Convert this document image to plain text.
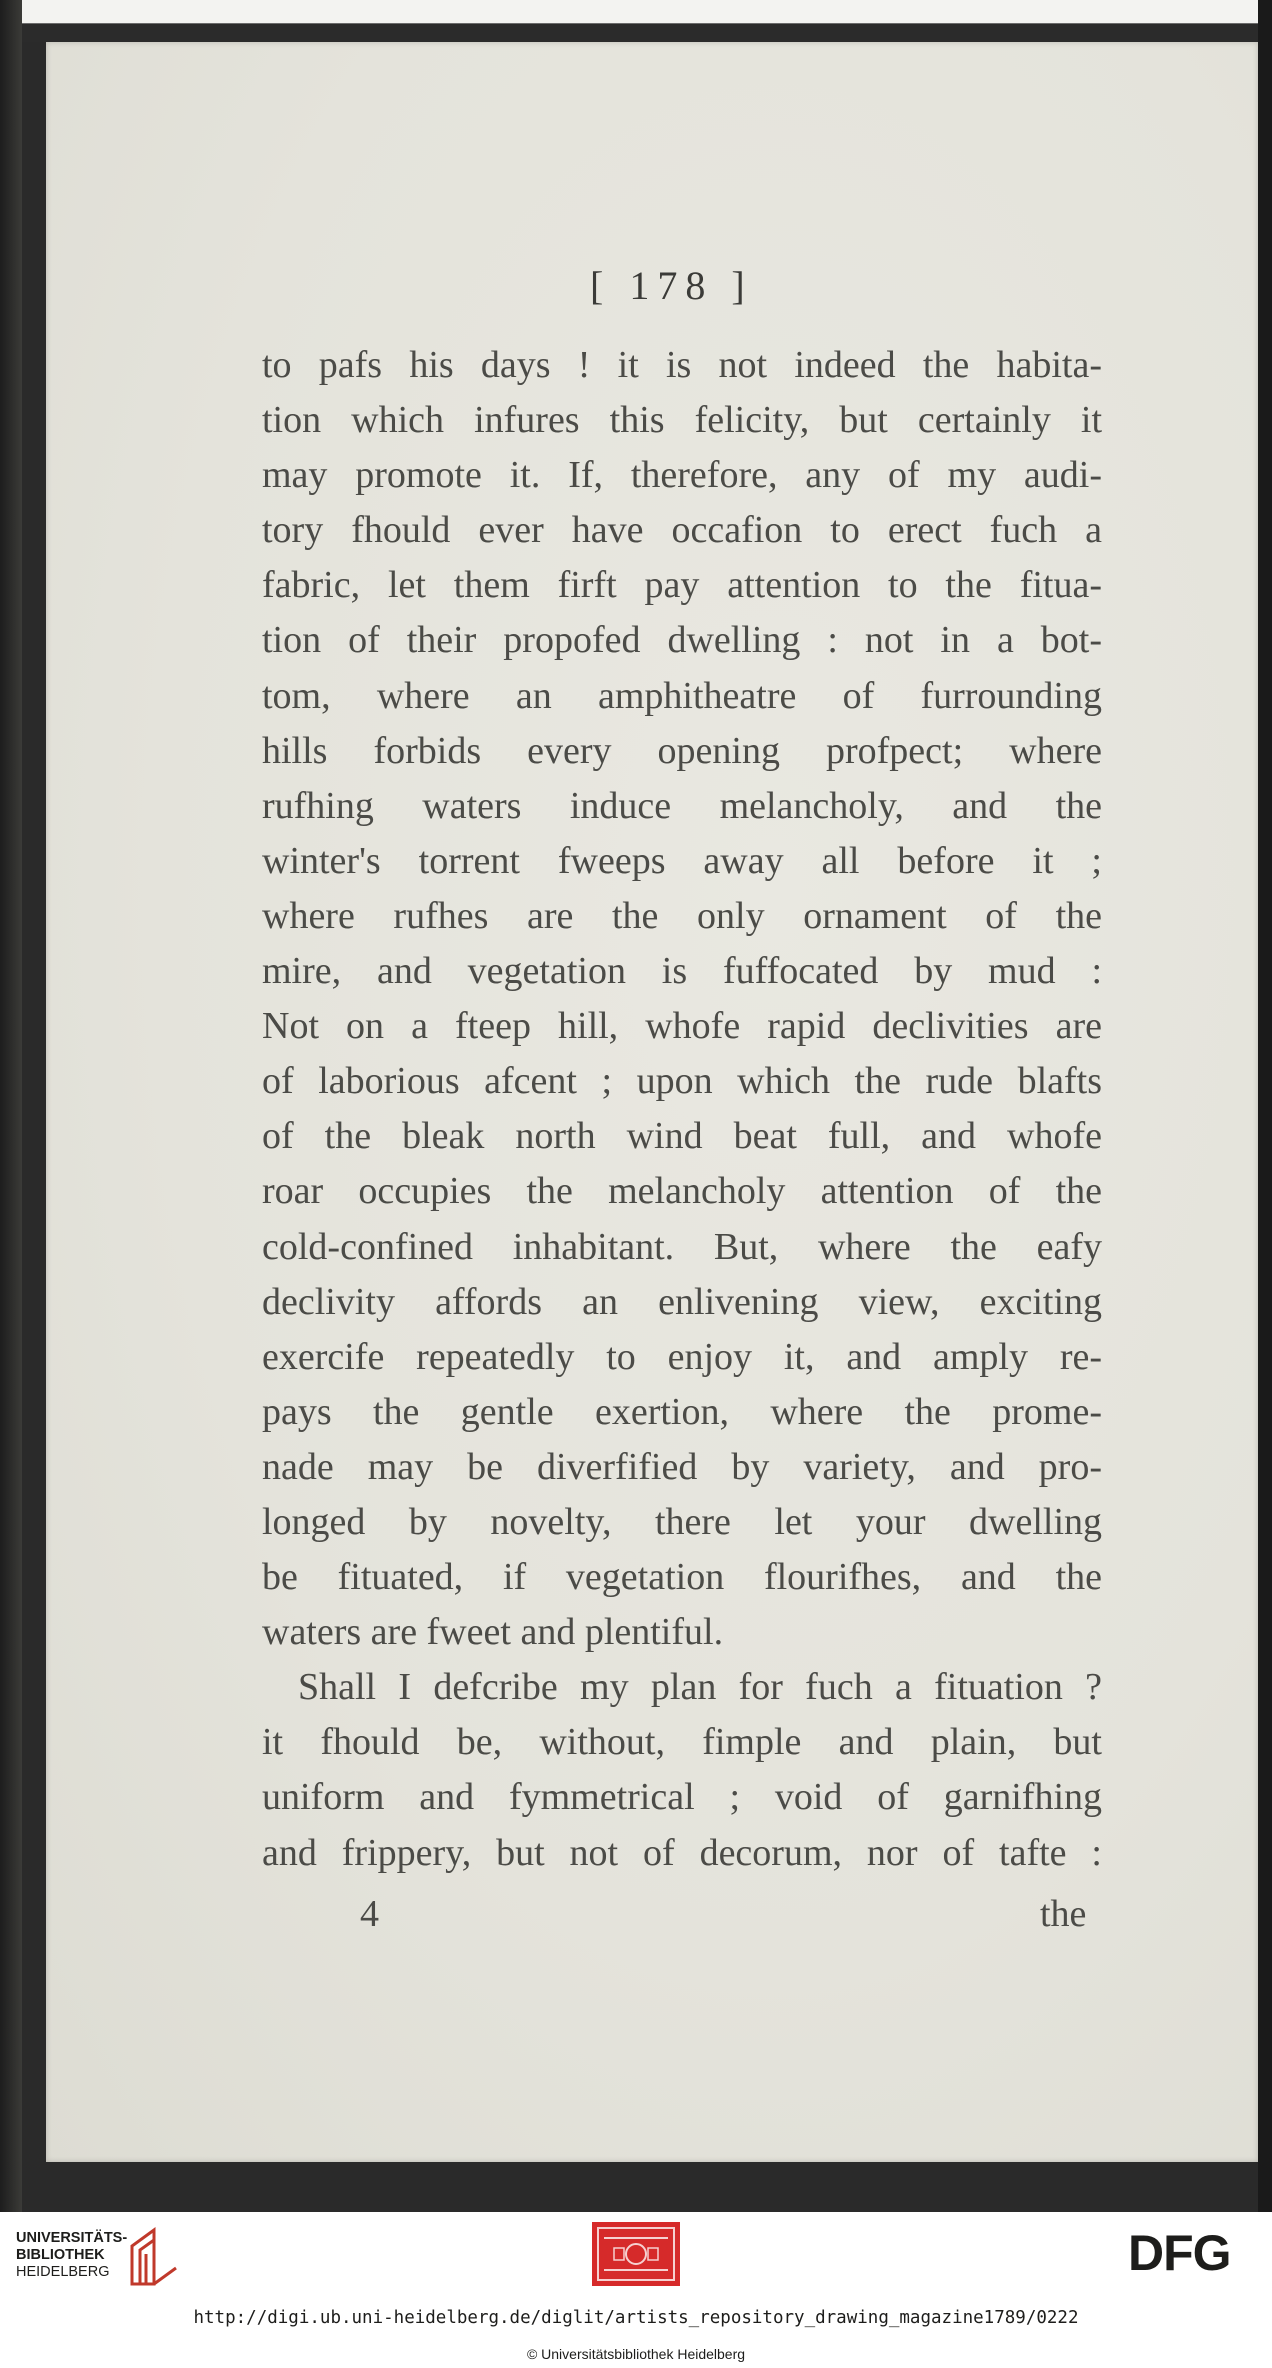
[ 178 ]
to pafs his days ! it is not indeed the habita-
tion which infures this felicity, but certainly it
may promote it. If, therefore, any of my audi-
tory fhould ever have occafion to erect fuch a
fabric, let them firft pay attention to the fitua-
tion of their propofed dwelling : not in a bot-
tom, where an amphitheatre of furrounding
hills forbids every opening profpect; where
rufhing waters induce melancholy, and the
winter's torrent fweeps away all before it ;
where rufhes are the only ornament of the
mire, and vegetation is fuffocated by mud :
Not on a fteep hill, whofe rapid declivities are
of laborious afcent ; upon which the rude blafts
of the bleak north wind beat full, and whofe
roar occupies the melancholy attention of the
cold-confined inhabitant. But, where the eafy
declivity affords an enlivening view, exciting
exercife repeatedly to enjoy it, and amply re-
pays the gentle exertion, where the prome-
nade may be diverfified by variety, and pro-
longed by novelty, there let your dwelling
be fituated, if vegetation flourifhes, and the
waters are fweet and plentiful.
Shall I defcribe my plan for fuch a fituation ?
it fhould be, without, fimple and plain, but
uniform and fymmetrical ; void of garnifhing
and frippery, but not of decorum, nor of tafte :
4	the
UNIVERSITÄTS-
BIBLIOTHEK
HEIDELBERG	DFG
http://digi.ub.uni-heidelberg.de/diglit/artists_repository_drawing_magazine1789/0222
© Universitätsbibliothek Heidelberg
